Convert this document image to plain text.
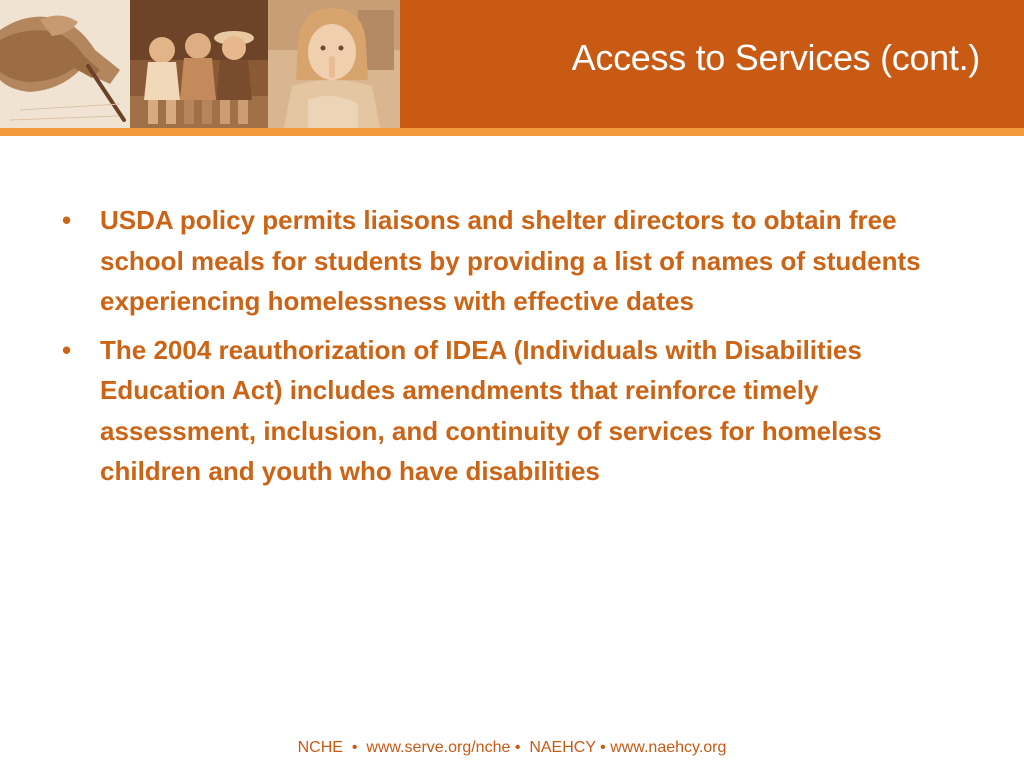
Access to Services (cont.)
•	USDA policy permits liaisons and shelter directors to obtain free school meals for students by providing a list of names of students experiencing homelessness with effective dates
•	The 2004 reauthorization of IDEA (Individuals with Disabilities Education Act) includes amendments that reinforce timely assessment, inclusion, and continuity of services for homeless children and youth who have disabilities
NCHE  •  www.serve.org/nche •  NAEHCY • www.naehcy.org
